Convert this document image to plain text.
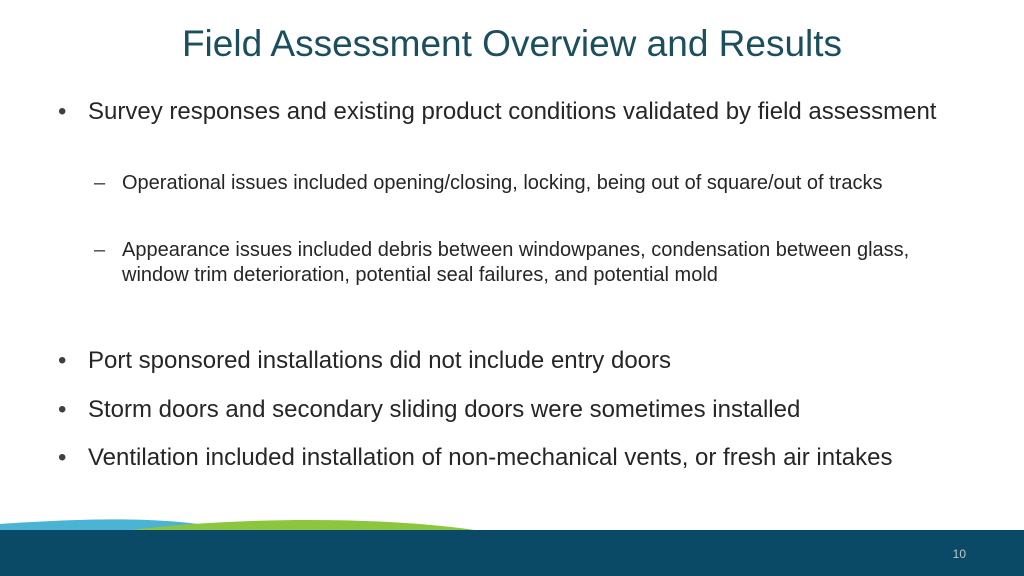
Field Assessment Overview and Results
• Survey responses and existing product conditions validated by field assessment
– Operational issues included opening/closing, locking, being out of square/out of tracks
– Appearance issues included debris between windowpanes, condensation between glass, window trim deterioration, potential seal failures, and potential mold
• Port sponsored installations did not include entry doors
• Storm doors and secondary sliding doors were sometimes installed
• Ventilation included installation of non-mechanical vents, or fresh air intakes
10
